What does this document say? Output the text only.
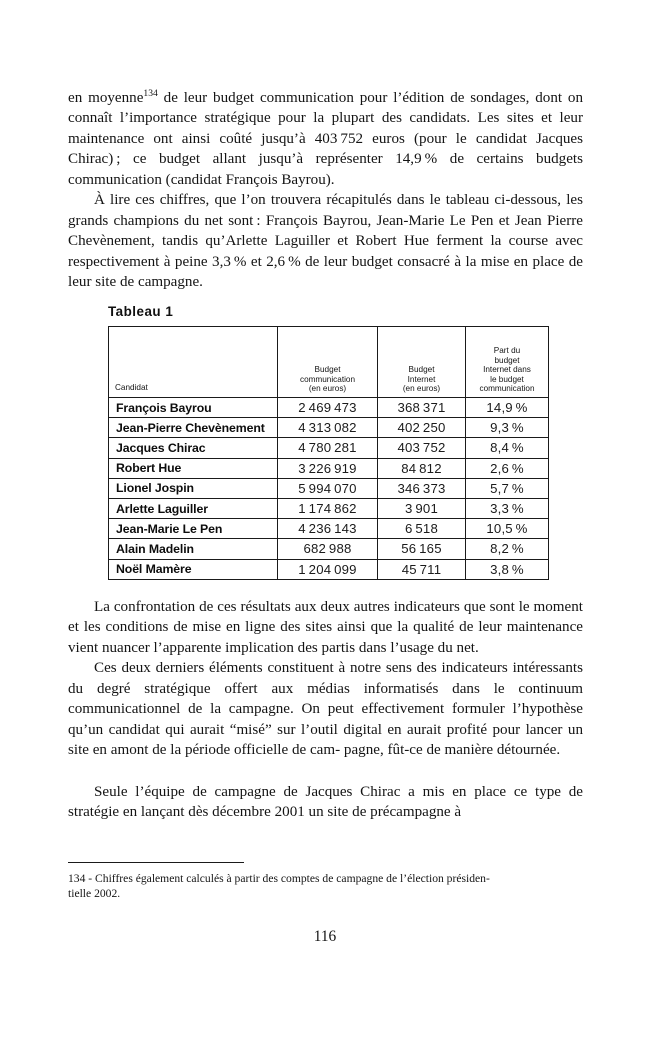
en moyenne$^{134}$ de leur budget communication pour l’édition de sondages, dont on connaît l’importance stratégique pour la plupart des candidats. Les sites et leur maintenance ont ainsi coûté jusqu’à 403 752 euros (pour le candidat Jacques Chirac) ; ce budget allant jusqu’à représenter 14,9 % de certains budgets communication (candidat François Bayrou).

À lire ces chiffres, que l’on trouvera récapitulés dans le tableau ci-dessous, les grands champions du net sont : François Bayrou, Jean-Marie Le Pen et Jean Pierre Chevènement, tandis qu’Arlette Laguiller et Robert Hue ferment la course avec respectivement à peine 3,3 % et 2,6 % de leur budget consacré à la mise en place de leur site de campagne.

Tableau 1
Candidat	Budget
communication
(en euros)	Budget
Internet
(en euros)	Part du
budget
Internet dans
le budget
communication

François Bayrou	2 469 473	368 371	14,9 %
Jean-Pierre Chevènement	4 313 082	402 250	9,3 %
Jacques Chirac	4 780 281	403 752	8,4 %
Robert Hue	3 226 919	84 812	2,6 %
Lionel Jospin	5 994 070	346 373	5,7 %
Arlette Laguiller	1 174 862	3 901	3,3 %
Jean-Marie Le Pen	4 236 143	6 518	10,5 %
Alain Madelin	682 988	56 165	8,2 %
Noël Mamère	1 204 099	45 711	3,8 %

La confrontation de ces résultats aux deux autres indicateurs que sont le moment et les conditions de mise en ligne des sites ainsi que la qualité de leur maintenance vient nuancer l’apparente implication des partis dans l’usage du net.

Ces deux derniers éléments constituent à notre sens des indicateurs intéressants du degré stratégique offert aux médias informatisés dans le continuum communicationnel de la campagne. On peut effectivement formuler l’hypothèse qu’un candidat qui aurait “misé” sur l’outil digital en aurait profité pour lancer un site en amont de la période officielle de cam- pagne, fût-ce de manière détournée.

Seule l’équipe de campagne de Jacques Chirac a mis en place ce type de stratégie en lançant dès décembre 2001 un site de précampagne à

134 - Chiffres également calculés à partir des comptes de campagne de l’élection présiden-
tielle 2002.
116
